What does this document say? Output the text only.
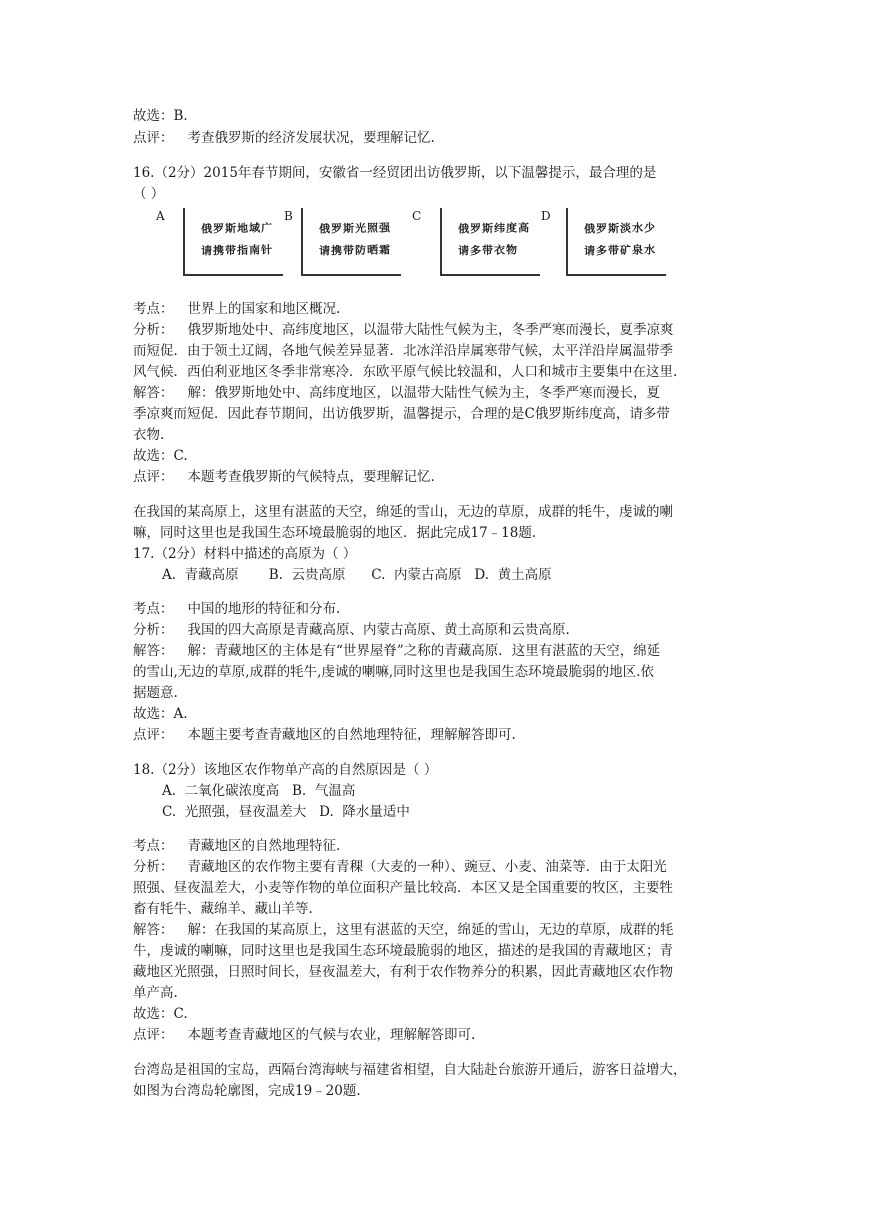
故选：B.

点评： 考查俄罗斯的经济发展状况，要理解记忆.

16.（2分）2015年春节期间，安徽省一经贸团出访俄罗斯，以下温馨提示，最合理的是

（ ）

A
俄罗斯地域广
请携带指南针
B
俄罗斯光照强
请携带防晒霜
C
俄罗斯纬度高
请多带衣物
D
俄罗斯淡水少
请多带矿泉水

考点： 世界上的国家和地区概况.

分析： 俄罗斯地处中、高纬度地区，以温带大陆性气候为主，冬季严寒而漫长，夏季凉爽

而短促．由于领土辽阔，各地气候差异显著．北冰洋沿岸属寒带气候，太平洋沿岸属温带季

风气候．西伯利亚地区冬季非常寒冷．东欧平原气候比较温和，人口和城市主要集中在这里.

解答： 解：俄罗斯地处中、高纬度地区，以温带大陆性气候为主，冬季严寒而漫长，夏

季凉爽而短促．因此春节期间，出访俄罗斯，温馨提示，合理的是C俄罗斯纬度高，请多带

衣物.

故选：C.

点评： 本题考查俄罗斯的气候特点，要理解记忆.

在我国的某高原上，这里有湛蓝的天空，绵延的雪山，无边的草原，成群的牦牛，虔诚的喇

嘛，同时这里也是我国生态环境最脆弱的地区．据此完成17﹣18题.

17.（2分）材料中描述的高原为（ ）

A. 青藏高原 B. 云贵高原 C. 内蒙古高原 D. 黄土高原

考点： 中国的地形的特征和分布.

分析： 我国的四大高原是青藏高原、内蒙古高原、黄土高原和云贵高原.

解答： 解：青藏地区的主体是有“世界屋脊”之称的青藏高原．这里有湛蓝的天空，绵延

的雪山,无边的草原,成群的牦牛,虔诚的喇嘛,同时这里也是我国生态环境最脆弱的地区.依

据题意.

故选：A.

点评： 本题主要考查青藏地区的自然地理特征，理解解答即可.

18.（2分）该地区农作物单产高的自然原因是（ ）

A. 二氧化碳浓度高 B. 气温高

C. 光照强，昼夜温差大 D. 降水量适中

考点： 青藏地区的自然地理特征.

分析： 青藏地区的农作物主要有青稞（大麦的一种）、豌豆、小麦、油菜等．由于太阳光

照强、昼夜温差大，小麦等作物的单位面积产量比较高．本区又是全国重要的牧区，主要牲

畜有牦牛、藏绵羊、藏山羊等.

解答： 解：在我国的某高原上，这里有湛蓝的天空，绵延的雪山，无边的草原，成群的牦

牛，虔诚的喇嘛，同时这里也是我国生态环境最脆弱的地区，描述的是我国的青藏地区；青

藏地区光照强，日照时间长，昼夜温差大，有利于农作物养分的积累，因此青藏地区农作物

单产高.

故选：C.

点评： 本题考查青藏地区的气候与农业，理解解答即可.

台湾岛是祖国的宝岛，西隔台湾海峡与福建省相望，自大陆赴台旅游开通后，游客日益增大，

如图为台湾岛轮廓图，完成19﹣20题.
